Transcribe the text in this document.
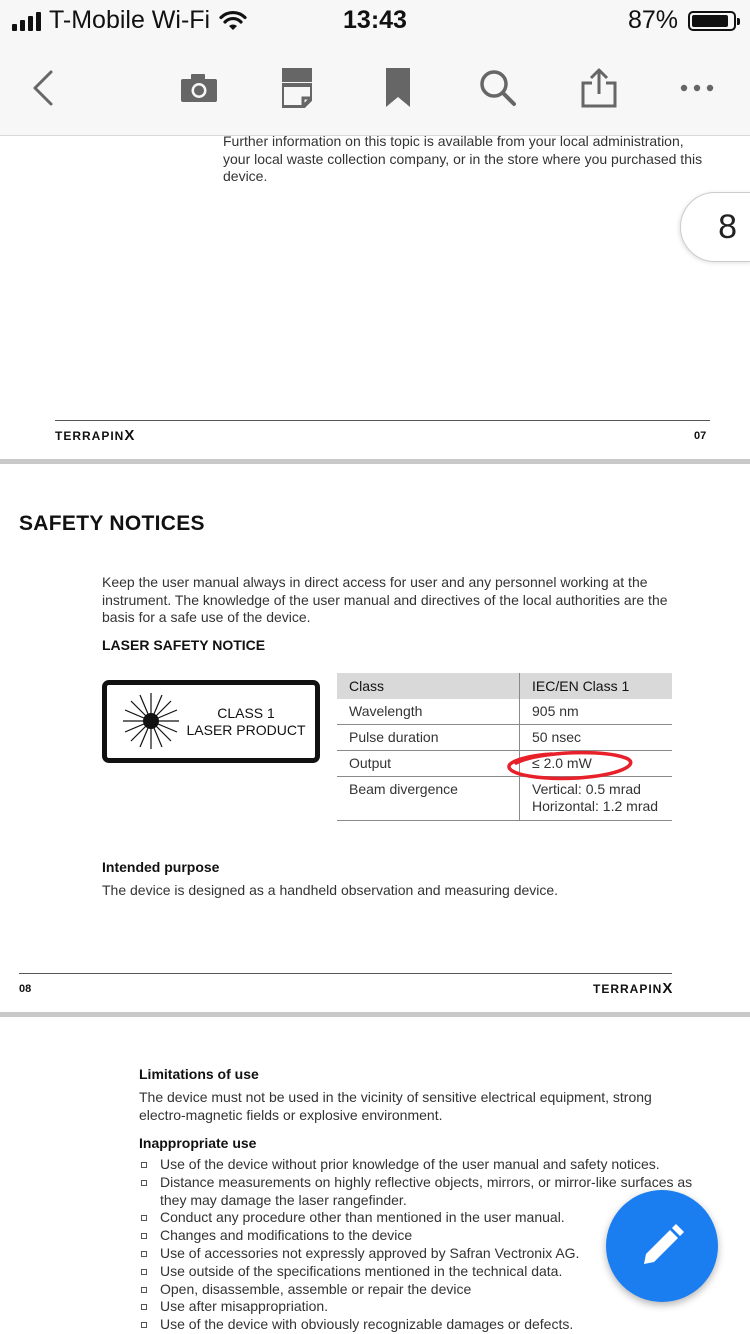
T-Mobile Wi-Fi	13:43	87%
Further information on this topic is available from your local administration, your local waste collection company, or in the store where you purchased this device.
TERRAPINX	07
8
SAFETY NOTICES
Keep the user manual always in direct access for user and any personnel working at the instrument. The knowledge of the user manual and directives of the local authorities are the basis for a safe use of the device.
LASER SAFETY NOTICE
CLASS 1
LASER PRODUCT
Class	IEC/EN Class 1
Wavelength	905 nm
Pulse duration	50 nsec
Output	≤ 2.0 mW
Beam divergence	Vertical: 0.5 mrad
Horizontal: 1.2 mrad
Intended purpose
The device is designed as a handheld observation and measuring device.
08	TERRAPINX
Limitations of use
The device must not be used in the vicinity of sensitive electrical equipment, strong electro-magnetic fields or explosive environment.
Inappropriate use
Use of the device without prior knowledge of the user manual and safety notices.
Distance measurements on highly reflective objects, mirrors, or mirror-like surfaces as they may damage the laser rangefinder.
Conduct any procedure other than mentioned in the user manual.
Changes and modifications to the device
Use of accessories not expressly approved by Safran Vectronix AG.
Use outside of the specifications mentioned in the technical data.
Open, disassemble, assemble or repair the device
Use after misappropriation.
Use of the device with obviously recognizable damages or defects.
